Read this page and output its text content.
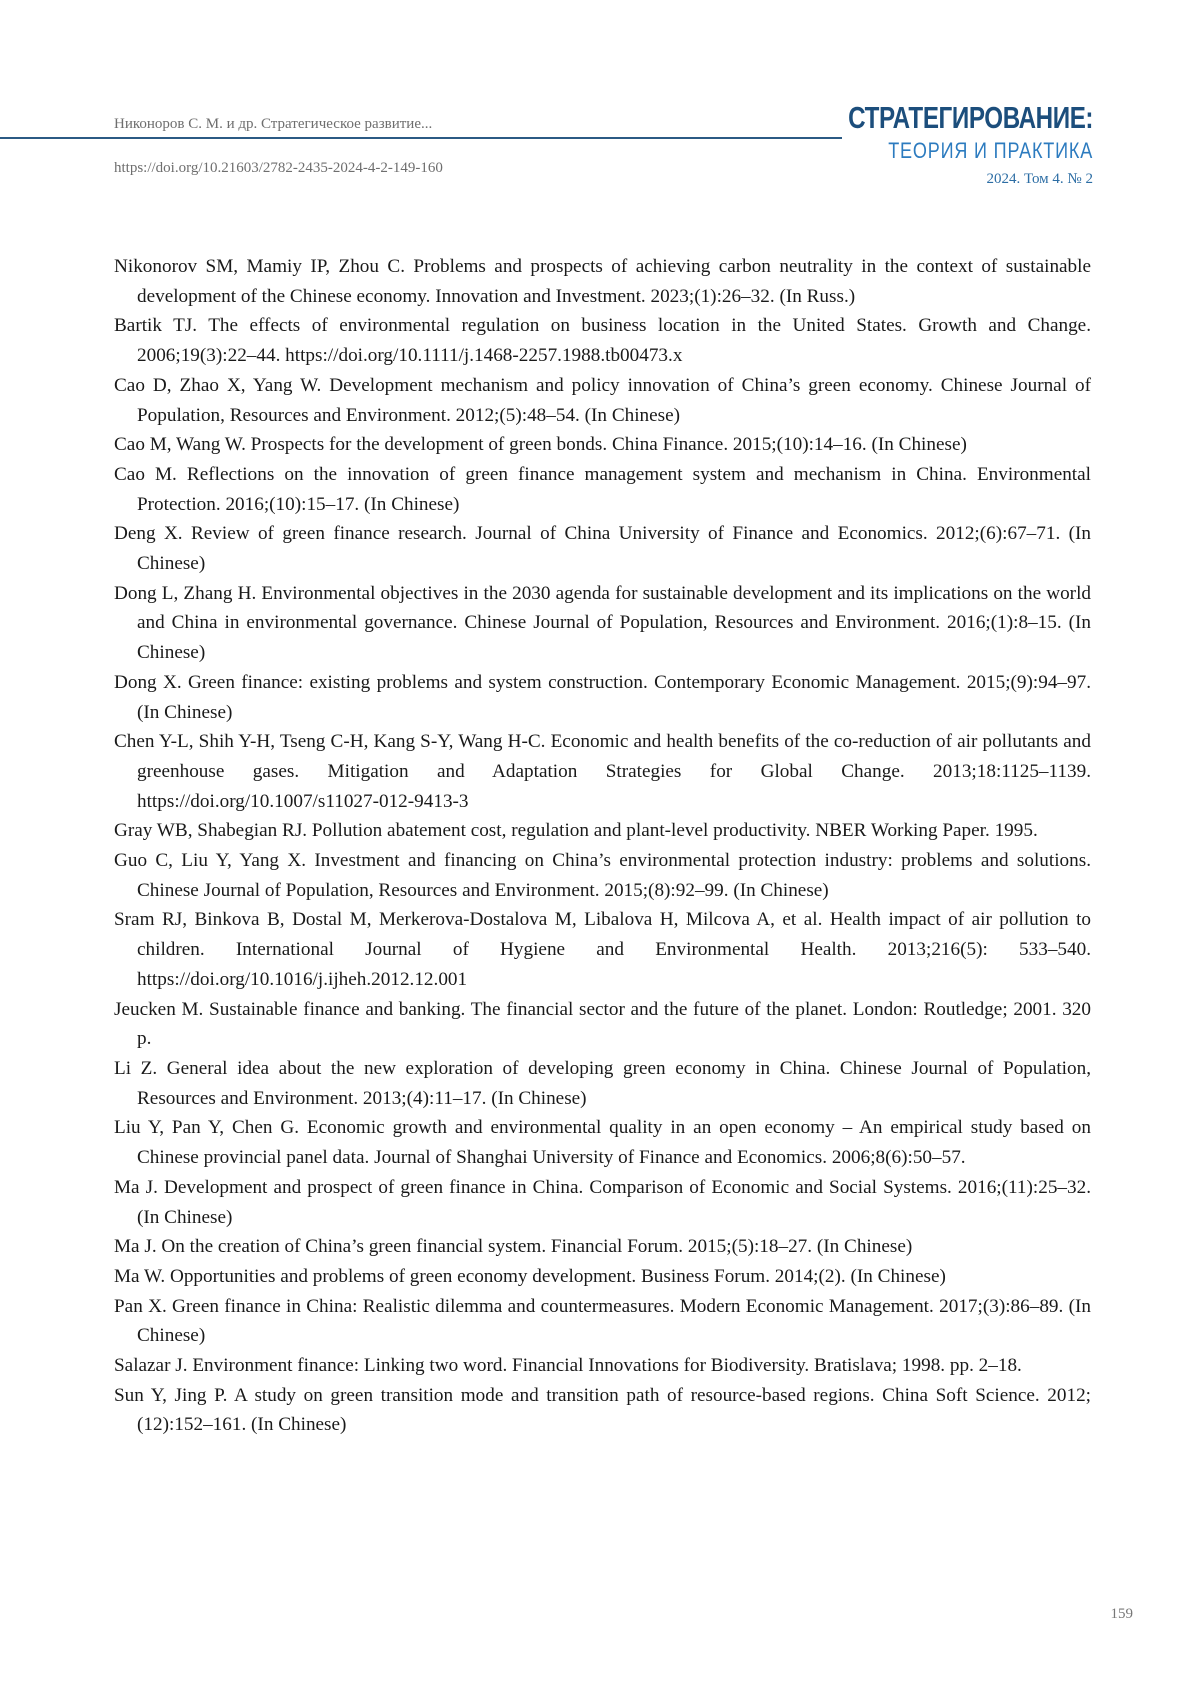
Никоноров С. М. и др. Стратегическое развитие...
https://doi.org/10.21603/2782-2435-2024-4-2-149-160
СТРАТЕГИРОВАНИЕ:
ТЕОРИЯ И ПРАКТИКА
2024. Том 4. № 2
Nikonorov SM, Mamiy IP, Zhou C. Problems and prospects of achieving carbon neutrality in the context of sustainable development of the Chinese economy. Innovation and Investment. 2023;(1):26–32. (In Russ.)
Bartik TJ. The effects of environmental regulation on business location in the United States. Growth and Change. 2006;19(3):22–44. https://doi.org/10.1111/j.1468-2257.1988.tb00473.x
Cao D, Zhao X, Yang W. Development mechanism and policy innovation of China’s green economy. Chinese Journal of Population, Resources and Environment. 2012;(5):48–54. (In Chinese)
Cao M, Wang W. Prospects for the development of green bonds. China Finance. 2015;(10):14–16. (In Chinese)
Cao M. Reflections on the innovation of green finance management system and mechanism in China. Environmental Protection. 2016;(10):15–17. (In Chinese)
Deng X. Review of green finance research. Journal of China University of Finance and Economics. 2012;(6):67–71. (In Chinese)
Dong L, Zhang H. Environmental objectives in the 2030 agenda for sustainable development and its implications on the world and China in environmental governance. Chinese Journal of Population, Resources and Environment. 2016;(1):8–15. (In Chinese)
Dong X. Green finance: existing problems and system construction. Contemporary Economic Management. 2015;(9):94–97. (In Chinese)
Chen Y-L, Shih Y-H, Tseng C-H, Kang S-Y, Wang H-C. Economic and health benefits of the co-reduction of air pollutants and greenhouse gases. Mitigation and Adaptation Strategies for Global Change. 2013;18:1125–1139. https://doi.org/10.1007/s11027-012-9413-3
Gray WB, Shabegian RJ. Pollution abatement cost, regulation and plant-level productivity. NBER Working Paper. 1995.
Guo C, Liu Y, Yang X. Investment and financing on China’s environmental protection industry: problems and solutions. Chinese Journal of Population, Resources and Environment. 2015;(8):92–99. (In Chinese)
Sram RJ, Binkova B, Dostal M, Merkerova-Dostalova M, Libalova H, Milcova A, et al. Health impact of air pollution to children. International Journal of Hygiene and Environmental Health. 2013;216(5): 533–540. https://doi.org/10.1016/j.ijheh.2012.12.001
Jeucken M. Sustainable finance and banking. The financial sector and the future of the planet. London: Routledge; 2001. 320 p.
Li Z. General idea about the new exploration of developing green economy in China. Chinese Journal of Population, Resources and Environment. 2013;(4):11–17. (In Chinese)
Liu Y, Pan Y, Chen G. Economic growth and environmental quality in an open economy – An empirical study based on Chinese provincial panel data. Journal of Shanghai University of Finance and Economics. 2006;8(6):50–57.
Ma J. Development and prospect of green finance in China. Comparison of Economic and Social Systems. 2016;(11):25–32. (In Chinese)
Ma J. On the creation of China’s green financial system. Financial Forum. 2015;(5):18–27. (In Chinese)
Ma W. Opportunities and problems of green economy development. Business Forum. 2014;(2). (In Chinese)
Pan X. Green finance in China: Realistic dilemma and countermeasures. Modern Economic Management. 2017;(3):86–89. (In Chinese)
Salazar J. Environment finance: Linking two word. Financial Innovations for Biodiversity. Bratislava; 1998. pp. 2–18.
Sun Y, Jing P. A study on green transition mode and transition path of resource-based regions. China Soft Science. 2012;(12):152–161. (In Chinese)
159
